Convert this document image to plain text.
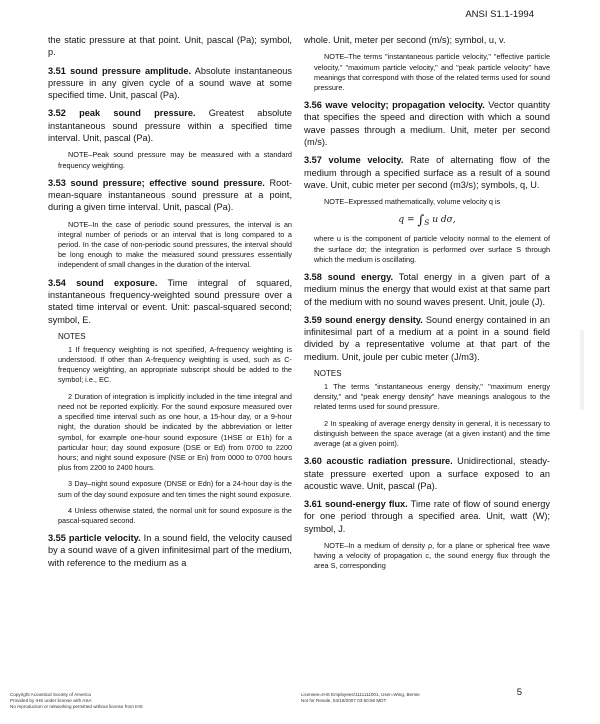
ANSI S1.1-1994

the static pressure at that point. Unit, pascal (Pa); symbol, p.

3.51 sound pressure amplitude. Absolute instantaneous pressure in any given cycle of a sound wave at some specified time. Unit, pascal (Pa).

3.52 peak sound pressure. Greatest absolute instantaneous sound pressure within a specified time interval. Unit, pascal (Pa).

NOTE–Peak sound pressure may be measured with a standard frequency weighting.

3.53 sound pressure; effective sound pressure. Root-mean-square instantaneous sound pressure at a point, during a given time interval. Unit, pascal (Pa).

NOTE–In the case of periodic sound pressures, the interval is an integral number of periods or an interval that is long compared to a period. In the case of non-periodic sound pressures, the interval should be long enough to make the measured sound pressures essentially independent of small changes in the duration of the interval.

3.54 sound exposure. Time integral of squared, instantaneous frequency-weighted sound pressure over a stated time interval or event. Unit: pascal-squared second; symbol, E.

NOTES

1 If frequency weighting is not specified, A-frequency weighting is understood. If other than A-frequency weighting is used, such as C-frequency weighting, an appropriate subscript should be added to the symbol; i.e., EC.

2 Duration of integration is implicitly included in the time integral and need not be reported explicitly. For the sound exposure measured over a specified time interval such as one hour, a 15-hour day, or a 9-hour night, the duration should be indicated by the abbreviation or letter symbol, for example one-hour sound exposure (1HSE or E1h) for a particular hour; day sound exposure (DSE or Ed) from 0700 to 2200 hours; and night sound exposure (NSE or En) from 0000 to 0700 hours plus from 2200 to 2400 hours.

3 Day–night sound exposure (DNSE or Edn) for a 24-hour day is the sum of the day sound exposure and ten times the night sound exposure.

4 Unless otherwise stated, the normal unit for sound exposure is the pascal-squared second.

3.55 particle velocity. In a sound field, the velocity caused by a sound wave of a given infinitesimal part of the medium, with reference to the medium as a

whole. Unit, meter per second (m/s); symbol, u, v.

NOTE–The terms "instantaneous particle velocity," "effective particle velocity," "maximum particle velocity," and "peak particle velocity" have meanings that correspond with those of the related terms used for sound pressure.

3.56 wave velocity; propagation velocity. Vector quantity that specifies the speed and direction with which a sound wave passes through a medium. Unit, meter per second (m/s).

3.57 volume velocity. Rate of alternating flow of the medium through a specified surface as a result of a sound wave. Unit, cubic meter per second (m3/s); symbols, q, U.

NOTE–Expressed mathematically, volume velocity q is

$q = \int_S$ u dσ,

where u is the component of particle velocity normal to the element of the surface dσ; the integration is performed over surface S through which the medium is oscillating.

3.58 sound energy. Total energy in a given part of a medium minus the energy that would exist at that same part of the medium with no sound waves present. Unit, joule (J).

3.59 sound energy density. Sound energy contained in an infinitesimal part of a medium at a point in a sound field divided by a representative volume at that part of the medium. Unit, joule per cubic meter (J/m3).

NOTES

1 The terms "instantaneous energy density," "maximum energy density," and "peak energy density" have meanings analogous to the related terms used for sound pressure.

2 In speaking of average energy density in general, it is necessary to distinguish between the space average (at a given instant) and the time average (at a given point).

3.60 acoustic radiation pressure. Unidirectional, steady-state pressure exerted upon a surface exposed to an acoustic wave. Unit, pascal (Pa).

3.61 sound-energy flux. Time rate of flow of sound energy for one period through a specified area. Unit, watt (W); symbol, J.

NOTE–In a medium of density ρ, for a plane or spherical free wave having a velocity of propagation c, the sound energy flux through the area S, corresponding

Copyright Acoustical Society of America
Provided by IHS under license with ASA
No reproduction or networking permitted without license from IHS
Licensee=IHS Employees/1111111001, User=Wing, Bernie
Not for Resale, 04/18/2007 03:50:56 MDT
5
